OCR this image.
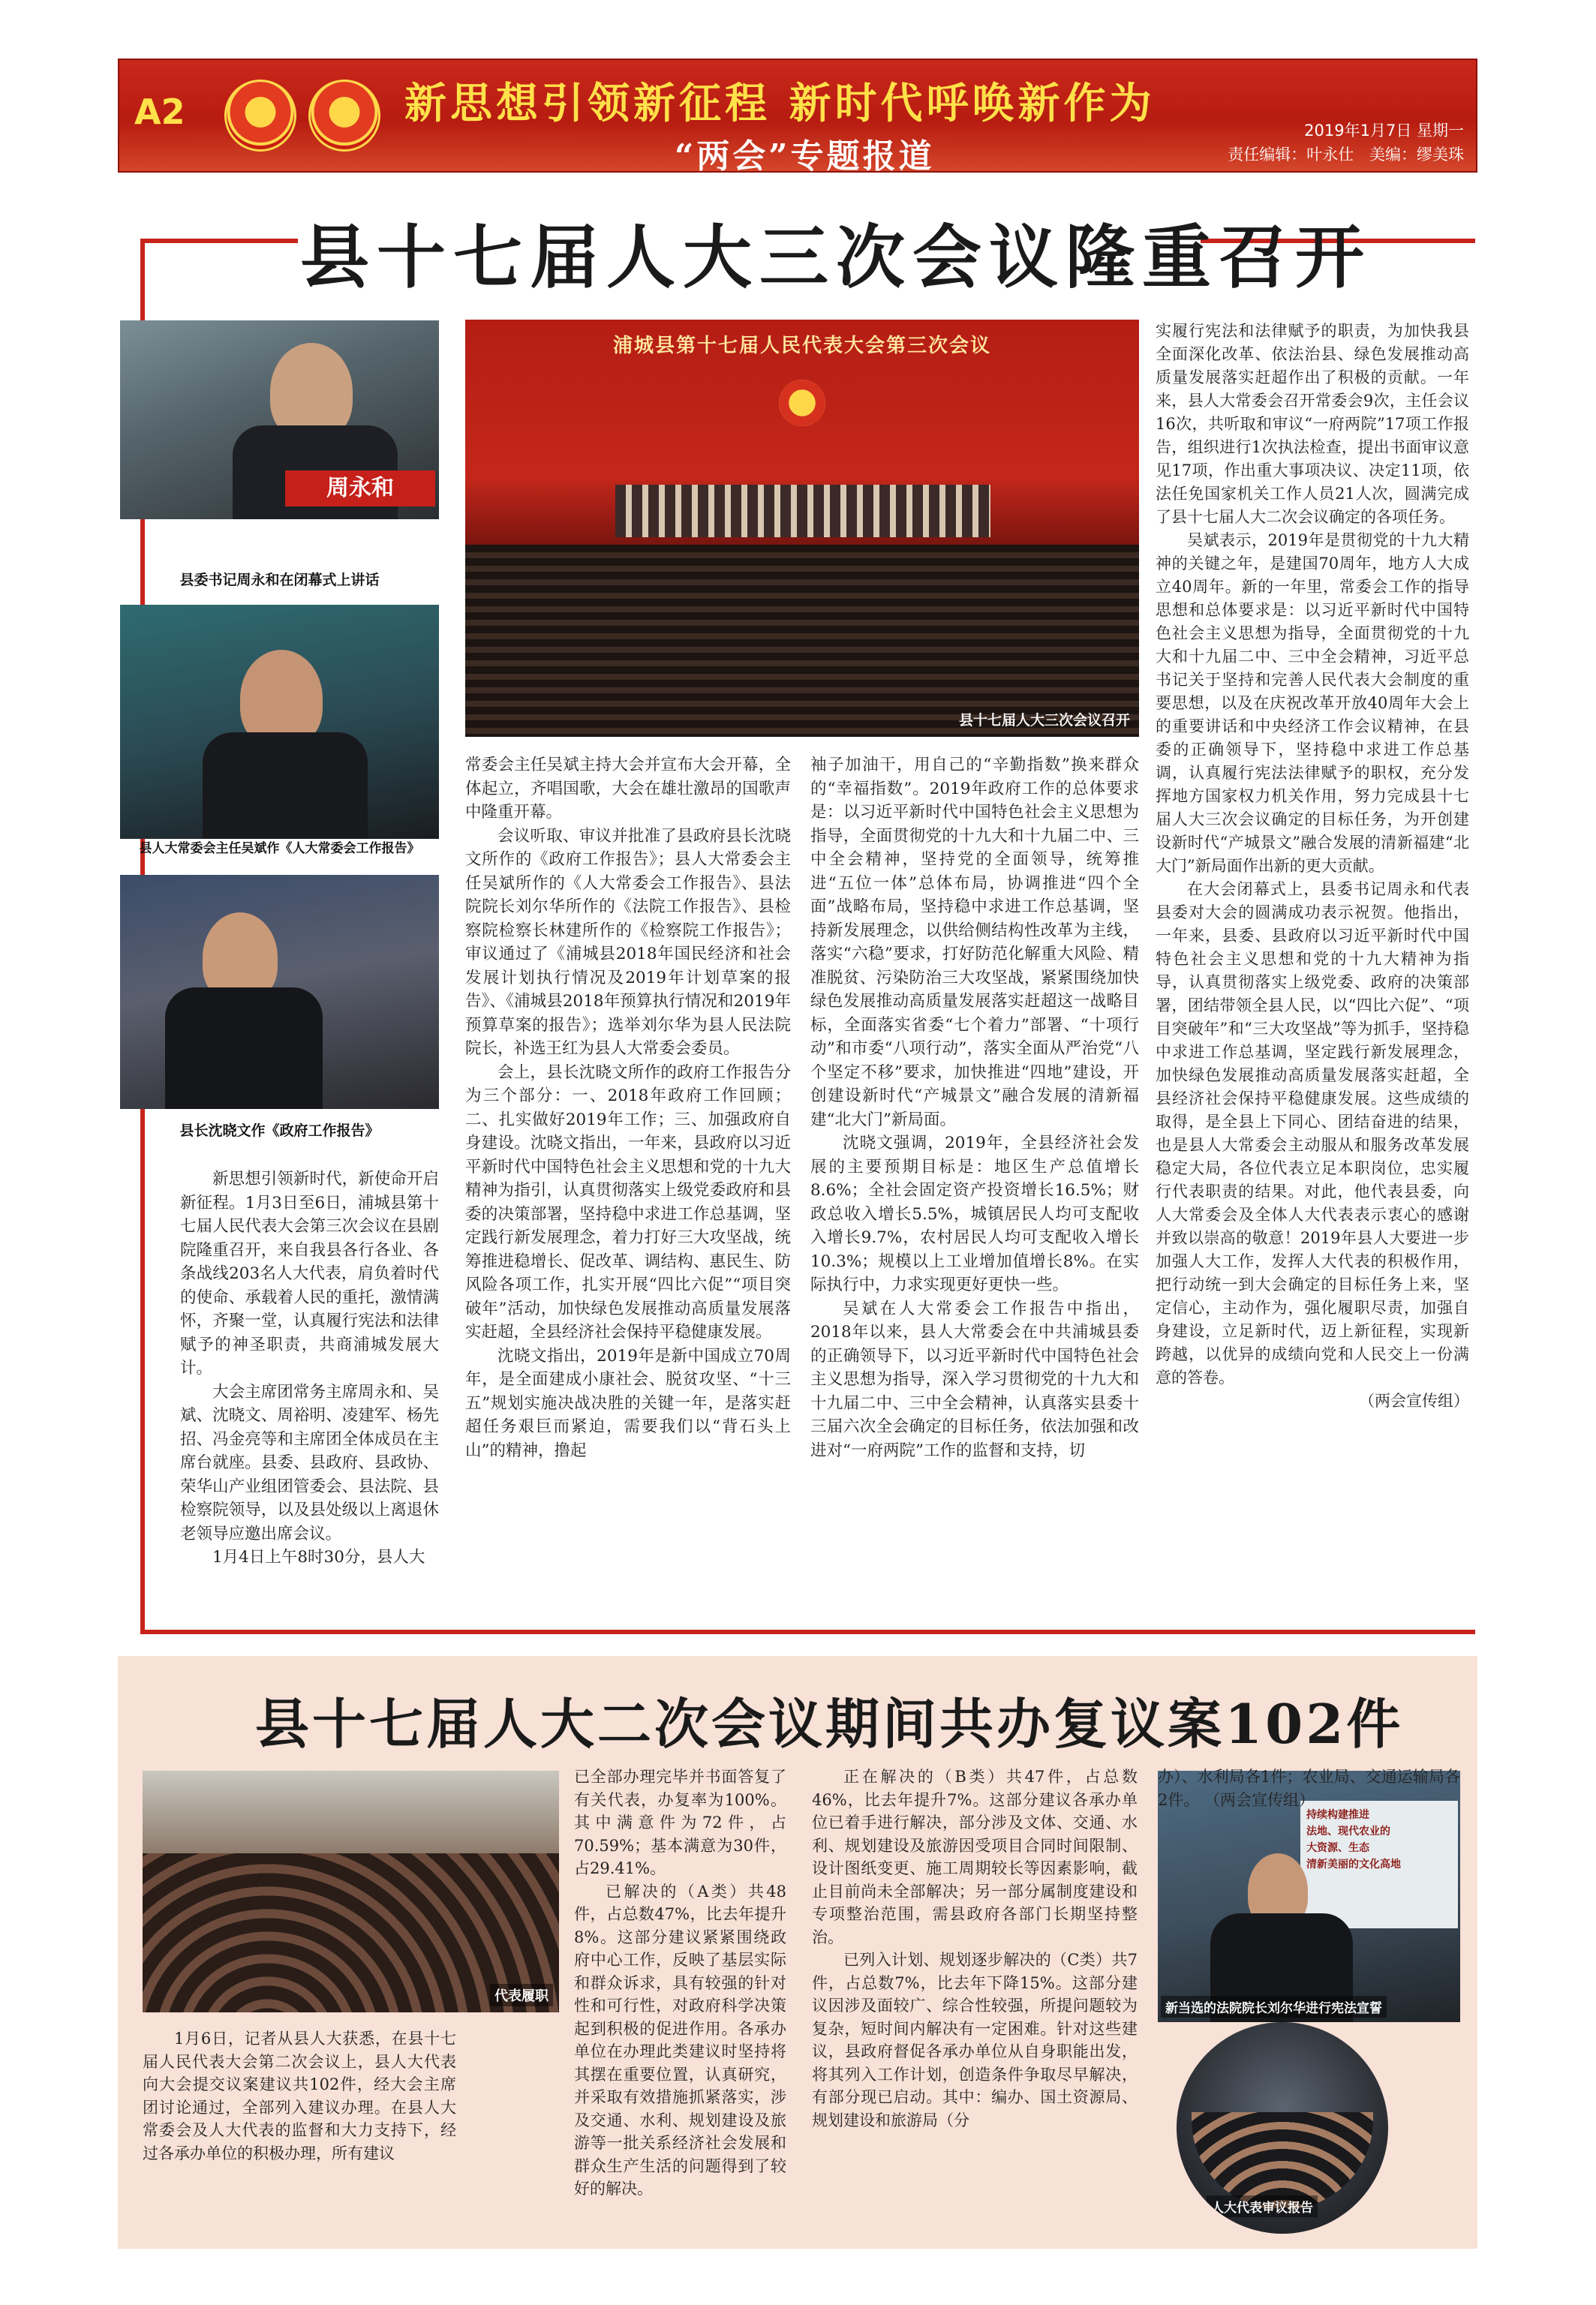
A2	新思想引领新征程 新时代呼唤新作为
“两会”专题报道
2019年1月7日 星期一
责任编辑：叶永仕 美编：缪美珠
县十七届人大三次会议隆重召开
周永和
县委书记周永和在闭幕式上讲话
县人大常委会主任吴斌作《人大常委会工作报告》
县长沈晓文作《政府工作报告》
浦城县第十七届人民代表大会第三次会议
县十七届人大三次会议召开

新思想引领新时代，新使命开启新征程。1月3日至6日，浦城县第十七届人民代表大会第三次会议在县剧院隆重召开，来自我县各行各业、各条战线203名人大代表，肩负着时代的使命、承载着人民的重托，激情满怀，齐聚一堂，认真履行宪法和法律赋予的神圣职责，共商浦城发展大计。

大会主席团常务主席周永和、吴斌、沈晓文、周裕明、凌建军、杨先招、冯金亮等和主席团全体成员在主席台就座。县委、县政府、县政协、荣华山产业组团管委会、县法院、县检察院领导，以及县处级以上离退休老领导应邀出席会议。

1月4日上午8时30分，县人大

常委会主任吴斌主持大会并宣布大会开幕，全体起立，齐唱国歌，大会在雄壮激昂的国歌声中隆重开幕。

会议听取、审议并批准了县政府县长沈晓文所作的《政府工作报告》；县人大常委会主任吴斌所作的《人大常委会工作报告》、县法院院长刘尔华所作的《法院工作报告》、县检察院检察长林建所作的《检察院工作报告》；审议通过了《浦城县2018年国民经济和社会发展计划执行情况及2019年计划草案的报告》、《浦城县2018年预算执行情况和2019年预算草案的报告》；选举刘尔华为县人民法院院长，补选王红为县人大常委会委员。

会上，县长沈晓文所作的政府工作报告分为三个部分：一、2018年政府工作回顾；二、扎实做好2019年工作；三、加强政府自身建设。沈晓文指出，一年来，县政府以习近平新时代中国特色社会主义思想和党的十九大精神为指引，认真贯彻落实上级党委政府和县委的决策部署，坚持稳中求进工作总基调，坚定践行新发展理念，着力打好三大攻坚战，统筹推进稳增长、促改革、调结构、惠民生、防风险各项工作，扎实开展“四比六促”“项目突破年”活动，加快绿色发展推动高质量发展落实赶超，全县经济社会保持平稳健康发展。

沈晓文指出，2019年是新中国成立70周年，是全面建成小康社会、脱贫攻坚、“十三五”规划实施决战决胜的关键一年，是落实赶超任务艰巨而紧迫，需要我们以“背石头上山”的精神，撸起

袖子加油干，用自己的“辛勤指数”换来群众的“幸福指数”。2019年政府工作的总体要求是：以习近平新时代中国特色社会主义思想为指导，全面贯彻党的十九大和十九届二中、三中全会精神，坚持党的全面领导，统筹推进“五位一体”总体布局，协调推进“四个全面”战略布局，坚持稳中求进工作总基调，坚持新发展理念，以供给侧结构性改革为主线，落实“六稳”要求，打好防范化解重大风险、精准脱贫、污染防治三大攻坚战，紧紧围绕加快绿色发展推动高质量发展落实赶超这一战略目标，全面落实省委“七个着力”部署、“十项行动”和市委“八项行动”，落实全面从严治党“八个坚定不移”要求，加快推进“四地”建设，开创建设新时代“产城景文”融合发展的清新福建“北大门”新局面。

沈晓文强调，2019年，全县经济社会发展的主要预期目标是：地区生产总值增长8.6%；全社会固定资产投资增长16.5%；财政总收入增长5.5%，城镇居民人均可支配收入增长9.7%，农村居民人均可支配收入增长10.3%；规模以上工业增加值增长8%。在实际执行中，力求实现更好更快一些。

吴斌在人大常委会工作报告中指出，2018年以来，县人大常委会在中共浦城县委的正确领导下，以习近平新时代中国特色社会主义思想为指导，深入学习贯彻党的十九大和十九届二中、三中全会精神，认真落实县委十三届六次全会确定的目标任务，依法加强和改进对“一府两院”工作的监督和支持，切

实履行宪法和法律赋予的职责，为加快我县全面深化改革、依法治县、绿色发展推动高质量发展落实赶超作出了积极的贡献。一年来，县人大常委会召开常委会9次，主任会议16次，共听取和审议“一府两院”17项工作报告，组织进行1次执法检查，提出书面审议意见17项，作出重大事项决议、决定11项，依法任免国家机关工作人员21人次，圆满完成了县十七届人大二次会议确定的各项任务。

吴斌表示，2019年是贯彻党的十九大精神的关键之年，是建国70周年，地方人大成立40周年。新的一年里，常委会工作的指导思想和总体要求是：以习近平新时代中国特色社会主义思想为指导，全面贯彻党的十九大和十九届二中、三中全会精神，习近平总书记关于坚持和完善人民代表大会制度的重要思想，以及在庆祝改革开放40周年大会上的重要讲话和中央经济工作会议精神，在县委的正确领导下，坚持稳中求进工作总基调，认真履行宪法法律赋予的职权，充分发挥地方国家权力机关作用，努力完成县十七届人大三次会议确定的目标任务，为开创建设新时代“产城景文”融合发展的清新福建“北大门”新局面作出新的更大贡献。

在大会闭幕式上，县委书记周永和代表县委对大会的圆满成功表示祝贺。他指出，一年来，县委、县政府以习近平新时代中国特色社会主义思想和党的十九大精神为指导，认真贯彻落实上级党委、政府的决策部署，团结带领全县人民，以“四比六促”、“项目突破年”和“三大攻坚战”等为抓手，坚持稳中求进工作总基调，坚定践行新发展理念，加快绿色发展推动高质量发展落实赶超，全县经济社会保持平稳健康发展。这些成绩的取得，是全县上下同心、团结奋进的结果，也是县人大常委会主动服从和服务改革发展稳定大局，各位代表立足本职岗位，忠实履行代表职责的结果。对此，他代表县委，向人大常委会及全体人大代表表示衷心的感谢并致以崇高的敬意！2019年县人大要进一步加强人大工作，发挥人大代表的积极作用，把行动统一到大会确定的目标任务上来，坚定信心，主动作为，强化履职尽责，加强自身建设，立足新时代，迈上新征程，实现新跨越，以优异的成绩向党和人民交上一份满意的答卷。

（两会宣传组）

县十七届人大二次会议期间共办复议案102件
代表履职
持续构建推进
法地、现代农业的
大资源、生态
清新美丽的文化高地
新当选的法院院长刘尔华进行宪法宣誓
人大代表审议报告

1月6日，记者从县人大获悉，在县十七届人民代表大会第二次会议上，县人大代表向大会提交议案建议共102件，经大会主席团讨论通过，全部列入建议办理。在县人大常委会及人大代表的监督和大力支持下，经过各承办单位的积极办理，所有建议

已全部办理完毕并书面答复了有关代表，办复率为100%。其中满意件为72件，占70.59%；基本满意为30件，占29.41%。

已解决的（A类）共48件，占总数47%，比去年提升8%。这部分建议紧紧围绕政府中心工作，反映了基层实际和群众诉求，具有较强的针对性和可行性，对政府科学决策起到积极的促进作用。各承办单位在办理此类建议时坚持将其摆在重要位置，认真研究，并采取有效措施抓紧落实，涉及交通、水利、规划建设及旅游等一批关系经济社会发展和群众生产生活的问题得到了较好的解决。

正在解决的（B类）共47件，占总数46%，比去年提升7%。这部分建议各承办单位已着手进行解决，部分涉及文体、交通、水利、规划建设及旅游因受项目合同时间限制、设计图纸变更、施工周期较长等因素影响，截止目前尚未全部解决；另一部分属制度建设和专项整治范围，需县政府各部门长期坚持整治。

已列入计划、规划逐步解决的（C类）共7件，占总数7%，比去年下降15%。这部分建议因涉及面较广、综合性较强，所提问题较为复杂，短时间内解决有一定困难。针对这些建议，县政府督促各承办单位从自身职能出发，将其列入工作计划，创造条件争取尽早解决，有部分现已启动。其中：编办、国土资源局、规划建设和旅游局（分

办）、水利局各1件；农业局、交通运输局各2件。 （两会宣传组）
